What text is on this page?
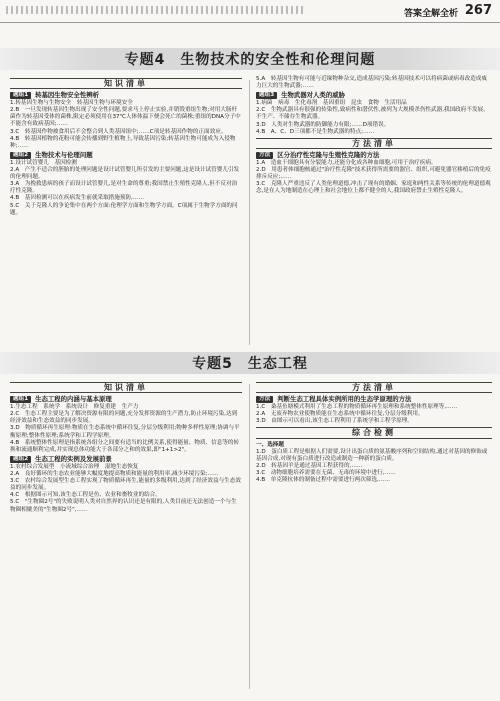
答案全解全析 267
专题4　生物技术的安全性和伦理问题
知识清单
题组1	转基因生物安全性辨析

1.转基因生物与生物安全　转基因生物与环境安全

2.B　一旦发现转基因生物出现了安全性问题,要求马上停止实验,并销毁重组生物;对用大肠杆菌作为转基因受体的菌株,限定必须使用在37℃人体体温下便会死亡的菌株;重组的DNA分子中不能含有致病基因;……

3.C　转基因作物被食用后不会整合到人类基因组中;……C项是转基因作物的正面效应。

4.B　转基因植物的花粉可能会传播到野生植物上,导致基因污染;转基因生物可能成为入侵物种;……

题组2	生物技术与伦理问题

1.设计试管婴儿　基因检测

2.A　产生不适合的胚胎的处理问题是设计试管婴儿所引发的主要问题,这是设计试管婴儿引发的伦理问题。

3.A　为挽救患病的孩子而设计试管婴儿,是对生命的尊重;我国禁止生殖性克隆人,但不反对治疗性克隆。

4.B　基因检测可以在疾病发生前就采取措施预防,……

5.C　关于克隆人的争论集中在两个方面:伦理学方面和生物学方面。C项属于生物学方面的问题。

5.A　转基因生物有可能与近缘物种杂交,造成基因污染;转基因技术可以将病菌或病毒改造成威力巨大的生物武器;……

题组3	生物武器对人类的威胁

1.病菌　病毒　生化毒剂　基因重组　昆虫　食物　生活用品

2.C　生物武器具有很强的传染性,致病性和潜伏性,被列为大规模杀伤性武器,我国政府不发展、不生产、不储存生物武器。

3.D　人类对生物武器的防御能力有限;……D项错误。

4.B　A、C、D三项都不是生物武器的特点;……

方法清单
方法	区分治疗性克隆与生殖性克隆的方法

1.A　造血干细胞具有分裂能力,还能分化成各种血细胞,可用于治疗疾病。

2.D　用患者体细胞核通过"治疗性克隆"技术获得所需要的器官、组织,可避免器官移植后的免疫排斥反应;……

3.C　克隆人严重违反了人类伦理道德,冲击了现有的婚姻、家庭和两性关系等传统的伦理道德观念,是在人为地制造在心理上和社会地位上都不健全的人,我国政府禁止生殖性克隆人。

专题5　生态工程
知识清单
题组1	生态工程的内涵与基本原理

1.生态工程　系统学　系统设计　修复重建　生产力

2.C　生态工程主要是为了解决资源有限的问题,充分发挥资源的生产潜力,防止环境污染,达到经济效益和生态效益的同步发展。

3.D　物质循环再生原理:物质在生态系统中循环往复,分层分级利用;物种多样性原理;协调与平衡原理;整体性原理;系统学和工程学原理。

4.B　系统整体性原理是指系统各组分之间要有适当的比例关系,使得能量、物质、信息等的转换和流通顺利完成,并实现总体功能大于各部分之和的效果,即"1+1>2"。

题组2	生态工程的实例及发展前景

1.农村综合发展型　小流域综合治理　湿地生态恢复

2.A　良好循环的生态农业能够大幅度地提高物质和能量的利用率,减少环境污染;……

3.C　农村综合发展型生态工程实现了物质循环再生,能量的多级利用,达到了经济效益与生态效益的同步发展。

4.C　根据图示可知,该生态工程是鱼、农业和畜牧业的结合。

5.C　"生物圈2号"的失败说明人类对自然界的认识还是有限的,人类目前还无法创造一个与生物圈相媲美的"生物圈2号",……

方法清单
方法	判断生态工程具体实例所用的生态学原理的方法

1.C　桑基鱼塘模式利用了生态工程的物质循环再生原理和系统整体性原理等,……

2.A　无废弃物农业使物质能在生态系统中循环往复,分层分级利用。

3.D　由图示可以看出,该生态工程利用了系统学和工程学原理。

综合检测

一、选择题

1.D　蛋白质工程是根据人们需要,设计出蛋白质的氨基酸序列和空间结构,通过对基因的修饰或基因合成,对现有蛋白质进行改造或制造一种新的蛋白质。

2.D　转基因羊是通过基因工程获得的,……

3.C　动物细胞培养需要在无菌、无毒的环境中进行,……

4.B　单克隆抗体的制备过程中需要进行两次筛选,……
